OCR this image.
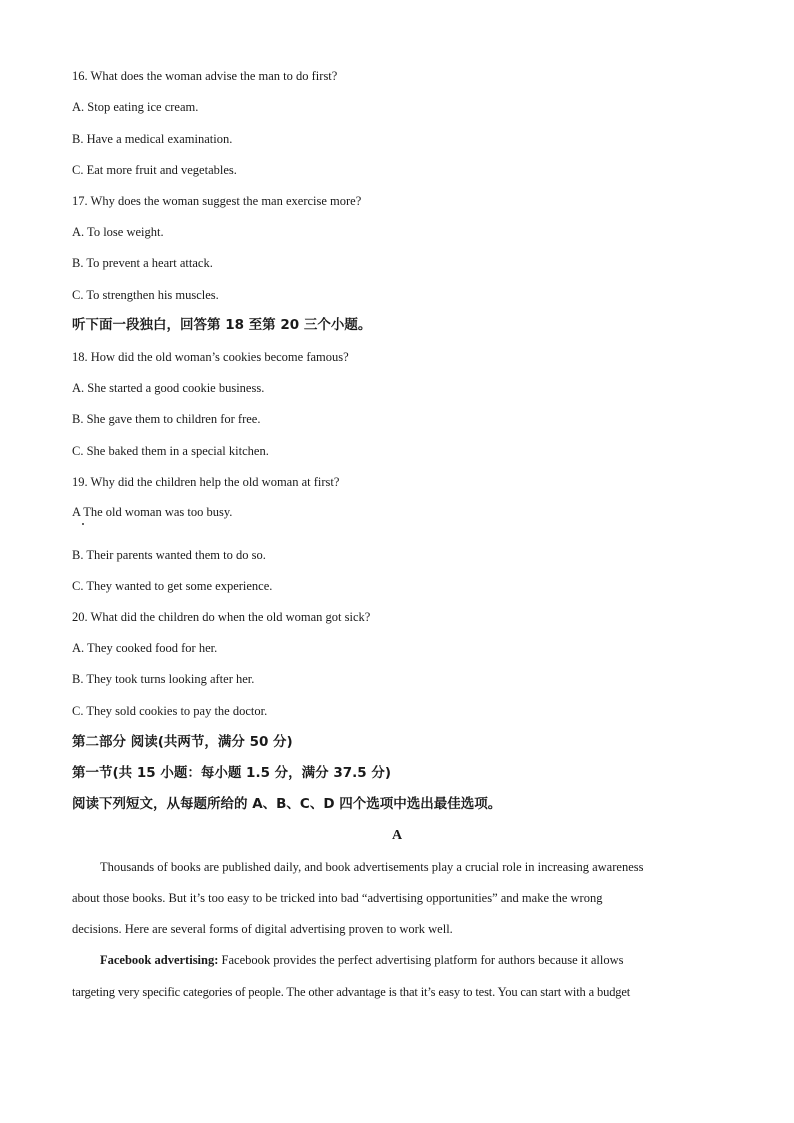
16. What does the woman advise the man to do first?
A. Stop eating ice cream.
B. Have a medical examination.
C. Eat more fruit and vegetables.
17. Why does the woman suggest the man exercise more?
A. To lose weight.
B. To prevent a heart attack.
C. To strengthen his muscles.
听下面一段独白，回答第 18 至第 20 三个小题。
18. How did the old woman’s cookies become famous?
A. She started a good cookie business.
B. She gave them to children for free.
C. She baked them in a special kitchen.
19. Why did the children help the old woman at first?
A The old woman was too busy.
B. Their parents wanted them to do so.
C. They wanted to get some experience.
20. What did the children do when the old woman got sick?
A. They cooked food for her.
B. They took turns looking after her.
C. They sold cookies to pay the doctor.
第二部分 阅读(共两节，满分 50 分)
第一节(共 15 小题：每小题 1.5 分，满分 37.5 分)
阅读下列短文，从每题所给的 A、B、C、D 四个选项中选出最佳选项。
A
Thousands of books are published daily, and book advertisements play a crucial role in increasing awareness
about those books. But it’s too easy to be tricked into bad “advertising opportunities” and make the wrong
decisions. Here are several forms of digital advertising proven to work well.
Facebook advertising: Facebook provides the perfect advertising platform for authors because it allows
targeting very specific categories of people. The other advantage is that it’s easy to test. You can start with a budget
